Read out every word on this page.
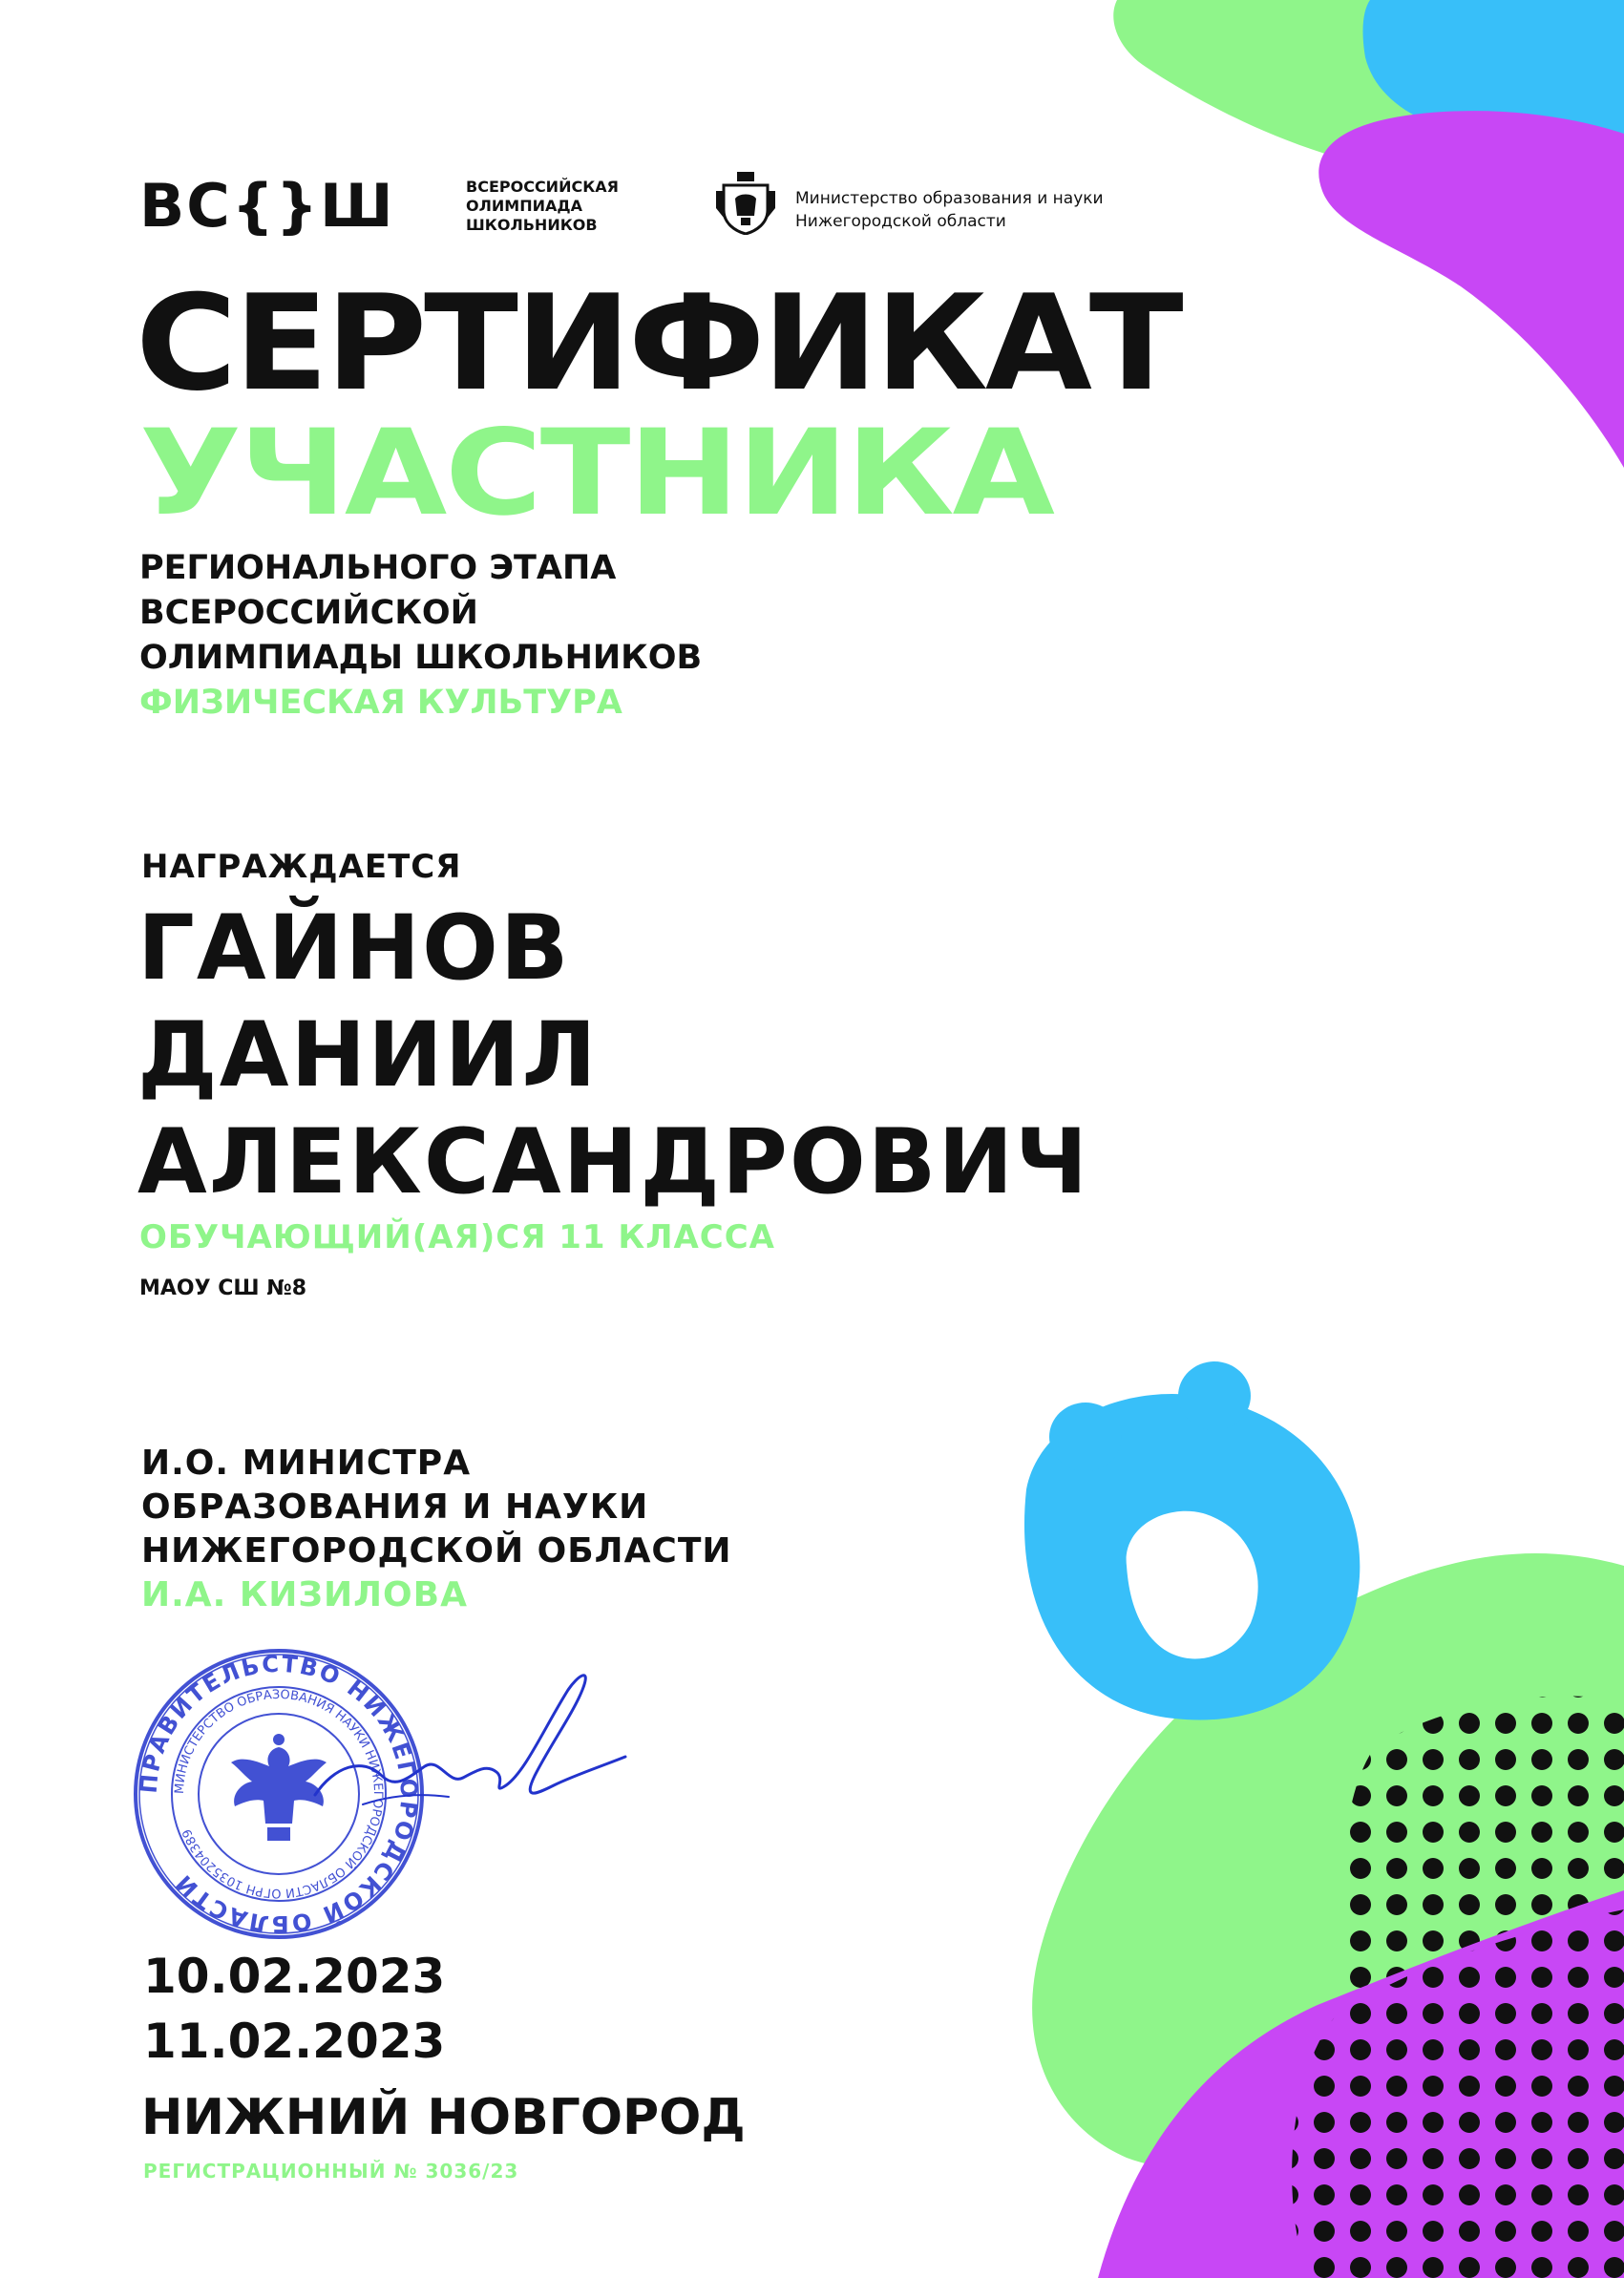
ВС{}Ш	ВСЕРОССИЙСКАЯ
ОЛИМПИАДА
ШКОЛЬНИКОВ
Министерство образования и науки
Нижегородской области
СЕРТИФИКАТ
УЧАСТНИКА
РЕГИОНАЛЬНОГО ЭТАПА
ВСЕРОССИЙСКОЙ
ОЛИМПИАДЫ ШКОЛЬНИКОВ
ФИЗИЧЕСКАЯ КУЛЬТУРА
НАГРАЖДАЕТСЯ
ГАЙНОВ
ДАНИИЛ
АЛЕКСАНДРОВИЧ
ОБУЧАЮЩИЙ(АЯ)СЯ 11 КЛАССА
МАОУ СШ №8
И.О. МИНИСТРА
ОБРАЗОВАНИЯ И НАУКИ
НИЖЕГОРОДСКОЙ ОБЛАСТИ
И.А. КИЗИЛОВА
ПРАВИТЕЛЬСТВО НИЖЕГОРОДСКОЙ ОБЛАСТИ
МИНИСТЕРСТВО ОБРАЗОВАНИЯ НАУКИ НИЖЕГОРОДСКОЙ ОБЛАСТИ ОГРН 1035204389
10.02.2023
11.02.2023
НИЖНИЙ НОВГОРОД
РЕГИСТРАЦИОННЫЙ № 3036/23
